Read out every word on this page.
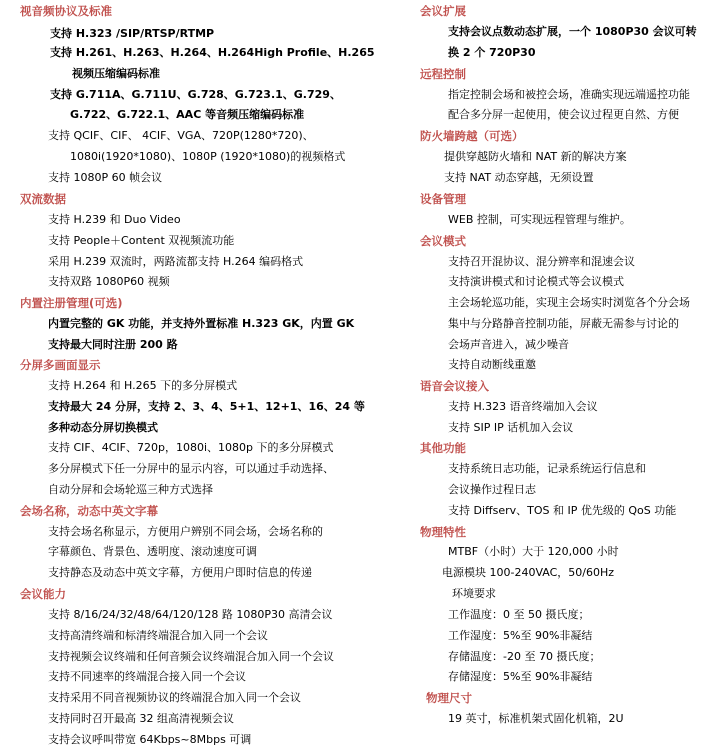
视音频协议及标准
支持 H.323 /SIP/RTSP/RTMP
支持 H.261、H.263、H.264、H.264High Profile、H.265
视频压缩编码标准
支持 G.711A、G.711U、G.728、G.723.1、G.729、
G.722、G.722.1、AAC 等音频压缩编码标准
支持 QCIF、CIF、 4CIF、VGA、720P(1280*720)、
1080i(1920*1080)、1080P (1920*1080)的视频格式
支持 1080P 60 帧会议
双流数据
支持 H.239 和 Duo Video
支持 People＋Content 双视频流功能
采用 H.239 双流时，两路流都支持 H.264 编码格式
支持双路 1080P60 视频
内置注册管理(可选)
内置完整的 GK 功能，并支持外置标准 H.323 GK，内置 GK
支持最大同时注册 200 路
分屏多画面显示
支持 H.264 和 H.265 下的多分屏模式
支持最大 24 分屏，支持 2、3、4、5+1、12+1、16、24 等
多种动态分屏切换模式
支持 CIF、4CIF、720p，1080i、1080p 下的多分屏模式
多分屏模式下任一分屏中的显示内容，可以通过手动选择、
自动分屏和会场轮巡三种方式选择
会场名称，动态中英文字幕
支持会场名称显示，方便用户辨别不同会场，会场名称的
字幕颜色、背景色、透明度、滚动速度可调
支持静态及动态中英文字幕，方便用户即时信息的传递
会议能力
支持 8/16/24/32/48/64/120/128 路 1080P30 高清会议
支持高清终端和标清终端混合加入同一个会议
支持视频会议终端和任何音频会议终端混合加入同一个会议
支持不同速率的终端混合接入同一个会议
支持采用不同音视频协议的终端混合加入同一个会议
支持同时召开最高 32 组高清视频会议
支持会议呼叫带宽 64Kbps~8Mbps 可调
会议扩展
支持会议点数动态扩展，一个 1080P30 会议可转
换 2 个 720P30
远程控制
指定控制会场和被控会场，准确实现远端遥控功能
配合多分屏一起使用，使会议过程更自然、方便
防火墙跨越（可选）
提供穿越防火墙和 NAT 新的解决方案
支持 NAT 动态穿越，无须设置
设备管理
WEB 控制，可实现远程管理与维护。
会议模式
支持召开混协议、混分辨率和混速会议
支持演讲模式和讨论模式等会议模式
主会场轮巡功能，实现主会场实时浏览各个分会场
集中与分路静音控制功能，屏蔽无需参与讨论的
会场声音进入，减少噪音
支持自动断线重邀
语音会议接入
支持 H.323 语音终端加入会议
支持 SIP IP 话机加入会议
其他功能
支持系统日志功能，记录系统运行信息和
会议操作过程日志
支持 Diffserv、TOS 和 IP 优先级的 QoS 功能
物理特性
MTBF（小时）大于 120,000 小时
电源模块 100-240VAC，50/60Hz
环境要求
工作温度：0 至 50 摄氏度；
工作湿度：5%至 90%非凝结
存储温度：-20 至 70 摄氏度；
存储湿度：5%至 90%非凝结
物理尺寸
19 英寸，标准机架式固化机箱，2U
